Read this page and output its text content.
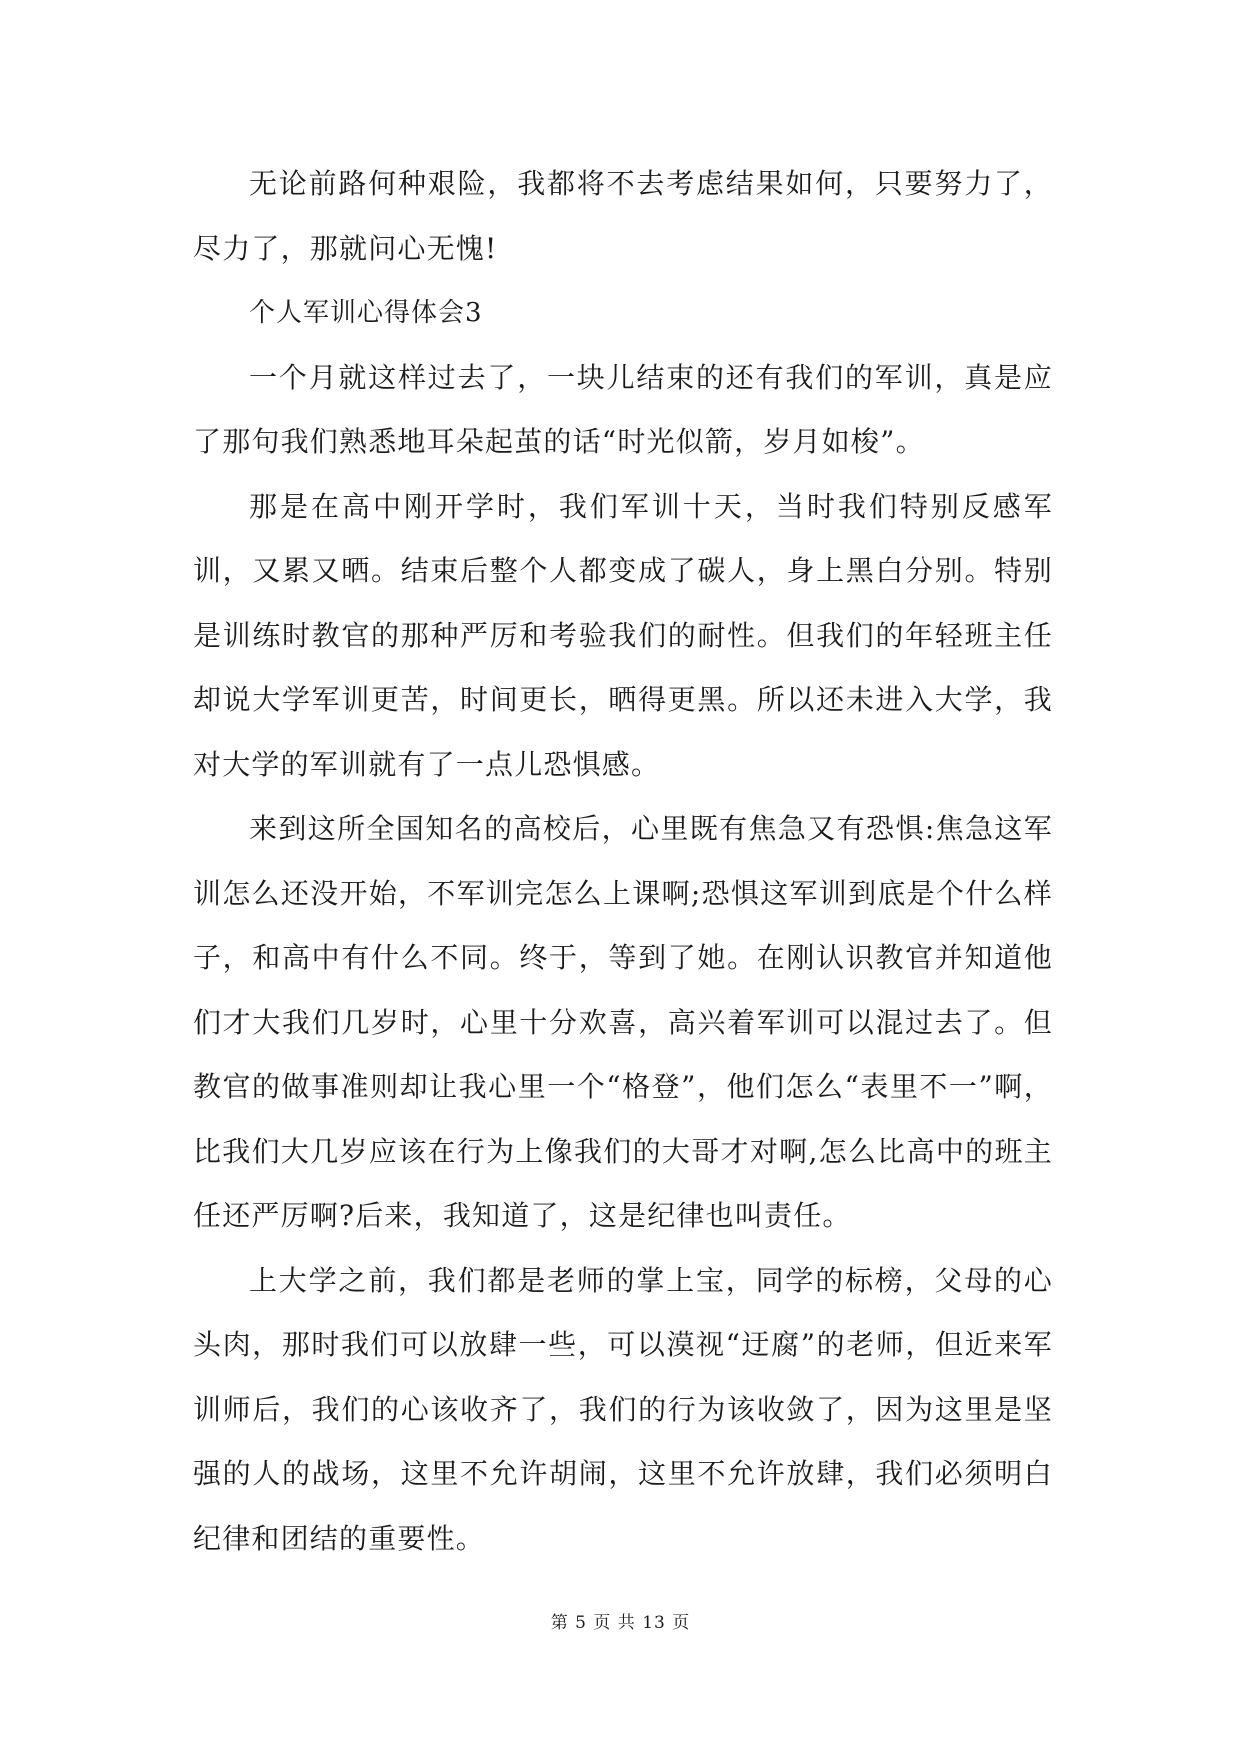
无论前路何种艰险，我都将不去考虑结果如何，只要努力了，尽力了，那就问心无愧!

个人军训心得体会3

一个月就这样过去了，一块儿结束的还有我们的军训，真是应了那句我们熟悉地耳朵起茧的话“时光似箭，岁月如梭”。

那是在高中刚开学时，我们军训十天，当时我们特别反感军训，又累又晒。结束后整个人都变成了碳人，身上黑白分别。特别是训练时教官的那种严厉和考验我们的耐性。但我们的年轻班主任却说大学军训更苦，时间更长，晒得更黑。所以还未进入大学，我对大学的军训就有了一点儿恐惧感。

来到这所全国知名的高校后，心里既有焦急又有恐惧:焦急这军训怎么还没开始，不军训完怎么上课啊;恐惧这军训到底是个什么样子，和高中有什么不同。终于，等到了她。在刚认识教官并知道他们才大我们几岁时，心里十分欢喜，高兴着军训可以混过去了。但教官的做事准则却让我心里一个“格登”，他们怎么“表里不一”啊，比我们大几岁应该在行为上像我们的大哥才对啊,怎么比高中的班主任还严厉啊?后来，我知道了，这是纪律也叫责任。

上大学之前，我们都是老师的掌上宝，同学的标榜，父母的心头肉，那时我们可以放肆一些，可以漠视“迂腐”的老师，但近来军训师后，我们的心该收齐了，我们的行为该收敛了，因为这里是坚强的人的战场，这里不允许胡闹，这里不允许放肆，我们必须明白纪律和团结的重要性。

第 5 页 共 13 页
